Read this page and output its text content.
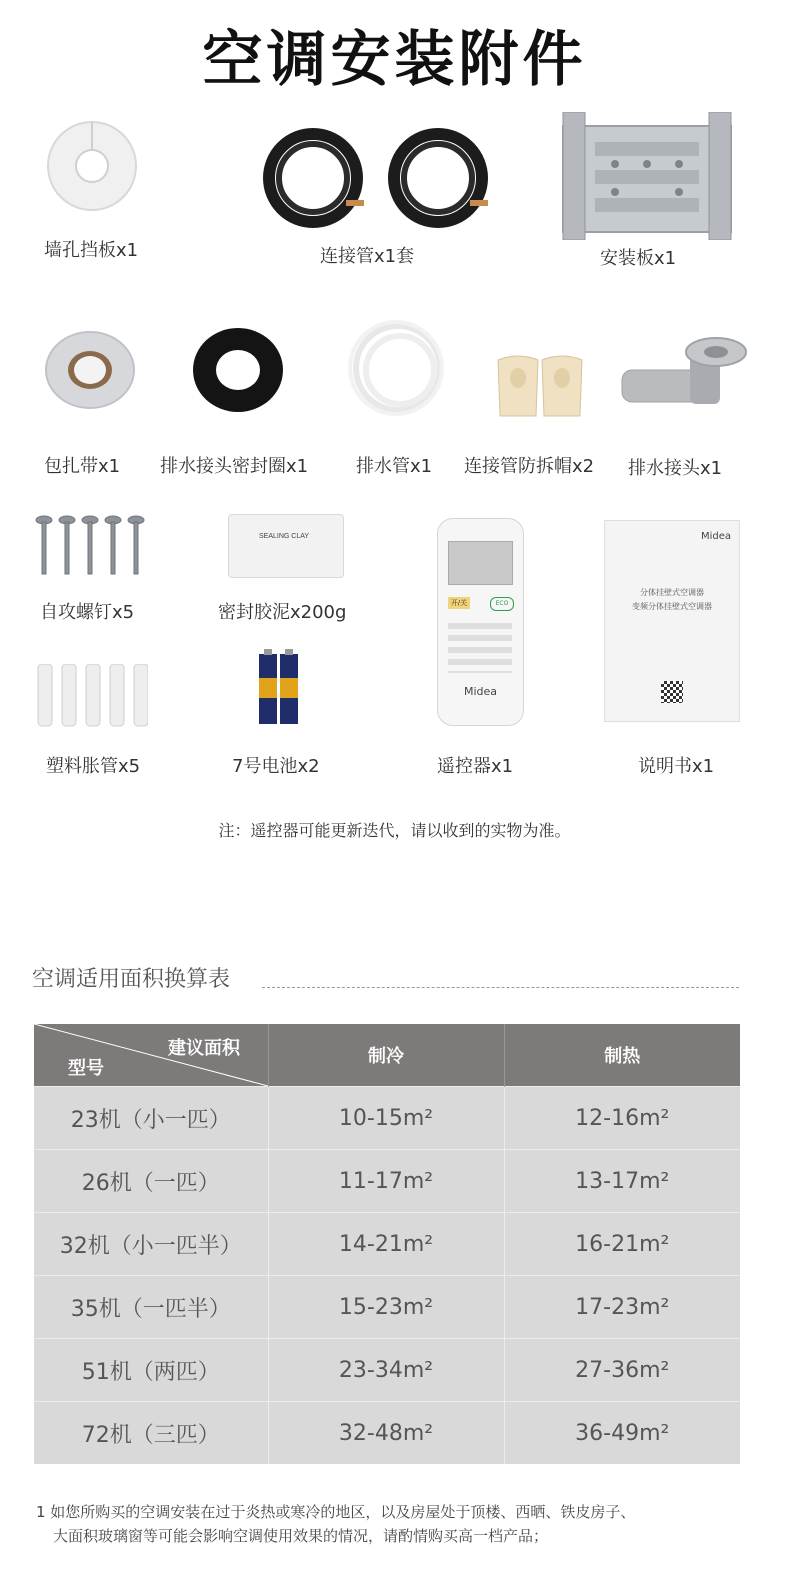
空调安装附件
墙孔挡板x1	连接管x1套	安装板x1
包扎带x1 排水接头密封圈x1	排水管x1 连接管防拆帽x2 排水接头x1
自攻螺钉x5
SEALING CLAY
密封胶泥x200g	开/关	ECO
Midea
遥控器x1
Midea
分体挂壁式空调器
变频分体挂壁式空调器
说明书x1
塑料胀管x5	7号电池x2
注：遥控器可能更新迭代，请以收到的实物为准。
空调适用面积换算表
建议面积
型号	制冷	制热
23机（小一匹）	10-15m²	12-16m²
26机（一匹）	11-17m²	13-17m²
32机（小一匹半）	14-21m²	16-21m²
35机（一匹半）	15-23m²	17-23m²
51机（两匹）	23-34m²	27-36m²
72机（三匹）	32-48m²	36-49m²
1 如您所购买的空调安装在过于炎热或寒冷的地区，以及房屋处于顶楼、西晒、铁皮房子、
大面积玻璃窗等可能会影响空调使用效果的情况，请酌情购买高一档产品；
